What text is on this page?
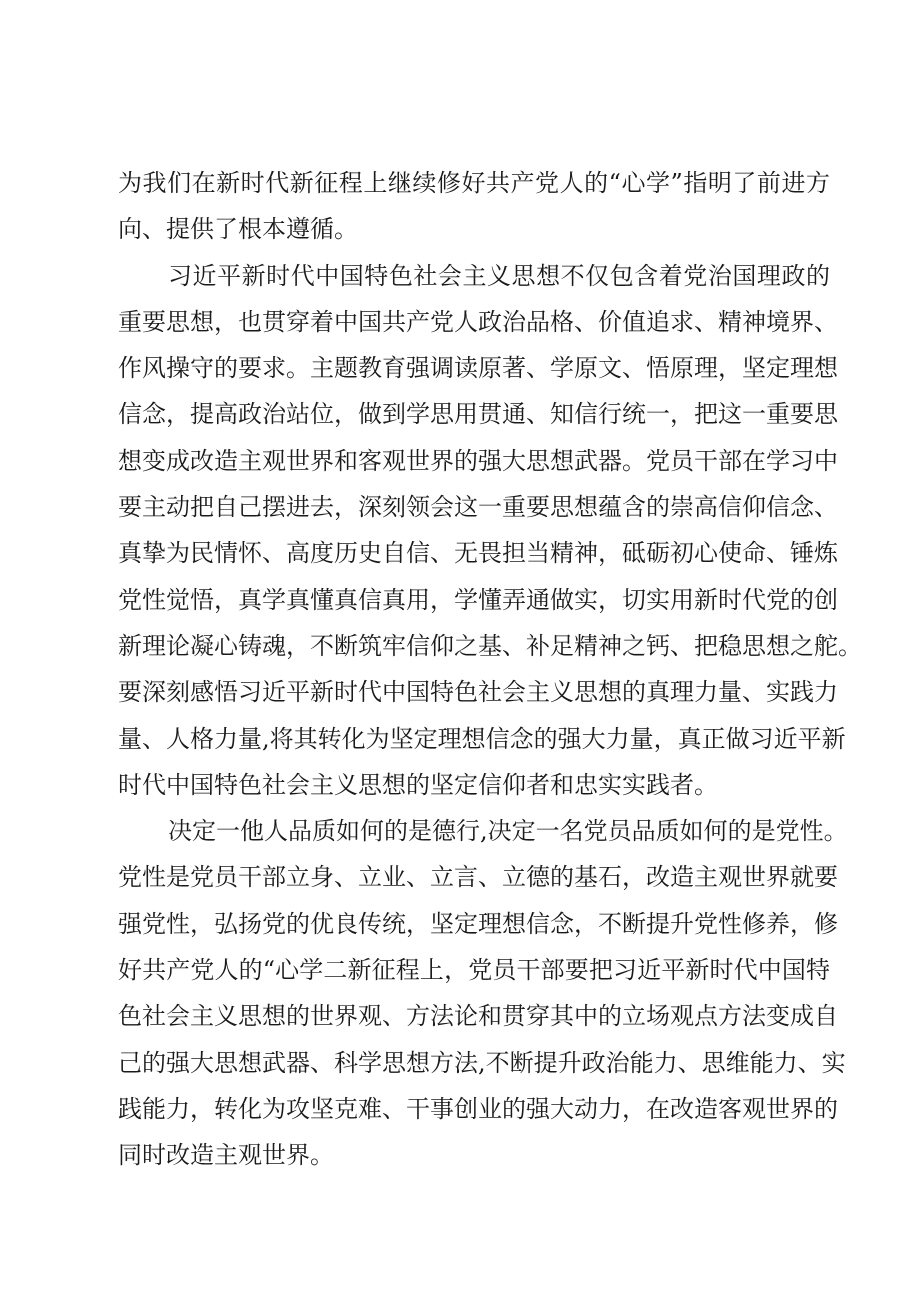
为我们在新时代新征程上继续修好共产党人的“心学”指明了前进方
向、提供了根本遵循。
习近平新时代中国特色社会主义思想不仅包含着党治国理政的
重要思想，也贯穿着中国共产党人政治品格、价值追求、精神境界、
作风操守的要求。主题教育强调读原著、学原文、悟原理，坚定理想
信念，提高政治站位，做到学思用贯通、知信行统一，把这一重要思
想变成改造主观世界和客观世界的强大思想武器。党员干部在学习中
要主动把自己摆进去，深刻领会这一重要思想蕴含的崇高信仰信念、
真挚为民情怀、高度历史自信、无畏担当精神，砥砺初心使命、锤炼
党性觉悟，真学真懂真信真用，学懂弄通做实，切实用新时代党的创
新理论凝心铸魂，不断筑牢信仰之基、补足精神之钙、把稳思想之舵。
要深刻感悟习近平新时代中国特色社会主义思想的真理力量、实践力
量、人格力量,将其转化为坚定理想信念的强大力量，真正做习近平新
时代中国特色社会主义思想的坚定信仰者和忠实实践者。
决定一他人品质如何的是德行,决定一名党员品质如何的是党性。
党性是党员干部立身、立业、立言、立德的基石，改造主观世界就要
强党性，弘扬党的优良传统，坚定理想信念，不断提升党性修养，修
好共产党人的“心学二新征程上，党员干部要把习近平新时代中国特
色社会主义思想的世界观、方法论和贯穿其中的立场观点方法变成自
己的强大思想武器、科学思想方法,不断提升政治能力、思维能力、实
践能力，转化为攻坚克难、干事创业的强大动力，在改造客观世界的
同时改造主观世界。
